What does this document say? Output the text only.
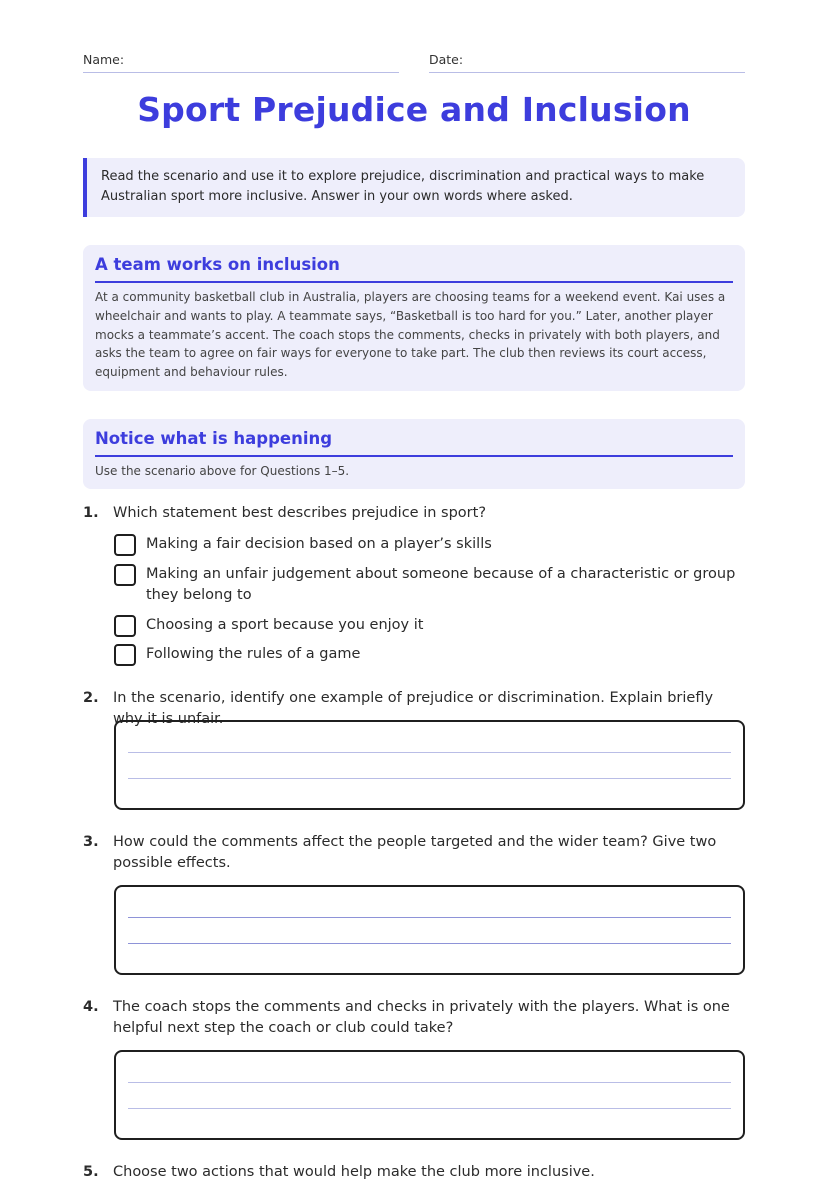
Name:	Date:
Sport Prejudice and Inclusion
Read the scenario and use it to explore prejudice, discrimination and practical ways to make Australian sport more inclusive. Answer in your own words where asked.
A team works on inclusion

At a community basketball club in Australia, players are choosing teams for a weekend event. Kai uses a wheelchair and wants to play. A teammate says, “Basketball is too hard for you.” Later, another player mocks a teammate’s accent. The coach stops the comments, checks in privately with both players, and asks the team to agree on fair ways for everyone to take part. The club then reviews its court access, equipment and behaviour rules.

Notice what is happening

Use the scenario above for Questions 1–5.

1. Which statement best describes prejudice in sport?
Making a fair decision based on a player’s skills
Making an unfair judgement about someone because of a characteristic or group they belong to
Choosing a sport because you enjoy it
Following the rules of a game
2. In the scenario, identify one example of prejudice or discrimination. Explain briefly why it is unfair.
3. How could the comments affect the people targeted and the wider team? Give two possible effects.
4. The coach stops the comments and checks in privately with the players. What is one helpful next step the coach or club could take?
5. Choose two actions that would help make the club more inclusive.
